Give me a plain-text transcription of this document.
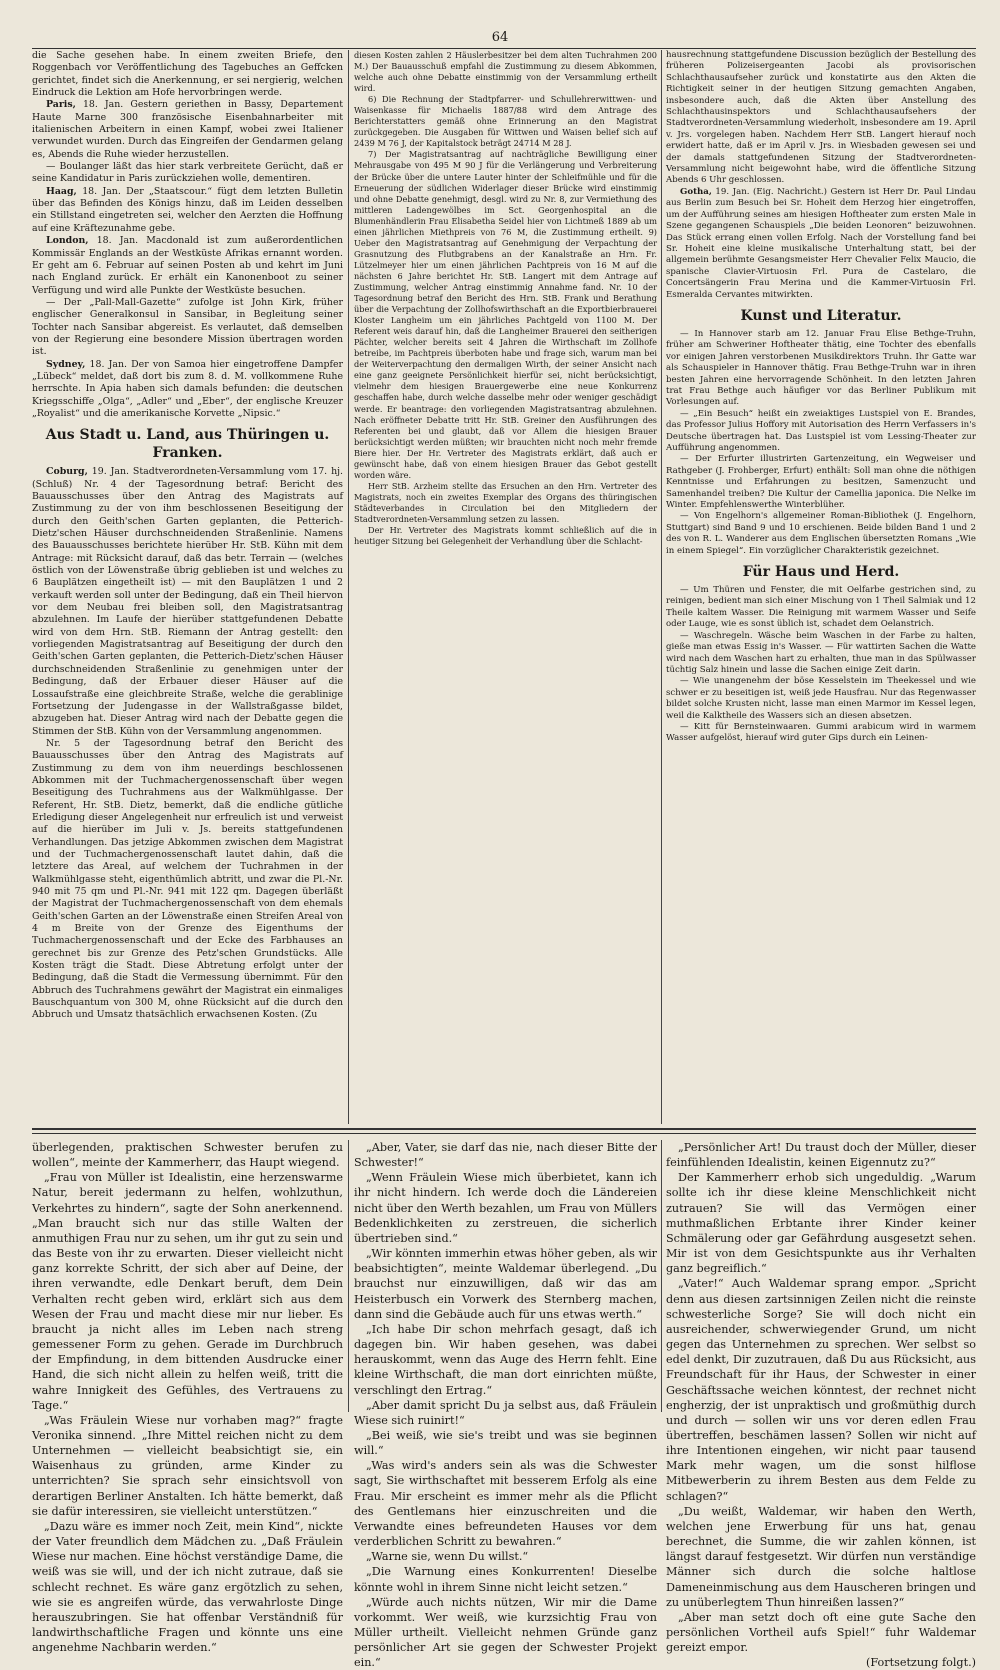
64

die Sache gesehen habe. In einem zweiten Briefe, den Roggenbach vor Veröffentlichung des Tagebuches an Geffcken gerichtet, findet sich die Anerkennung, er sei nergierig, welchen Eindruck die Lektion am Hofe hervorbringen werde.

Paris, 18. Jan. Gestern geriethen in Bassy, Departement Haute Marne 300 französische Eisenbahnarbeiter mit italienischen Arbeitern in einen Kampf, wobei zwei Italiener verwundet wurden. Durch das Eingreifen der Gendarmen gelang es, Abends die Ruhe wieder herzustellen.

— Boulanger läßt das hier stark verbreitete Gerücht, daß er seine Kandidatur in Paris zurückziehen wolle, dementiren.

Haag, 18. Jan. Der „Staatscour.“ fügt dem letzten Bulletin über das Befinden des Königs hinzu, daß im Leiden desselben ein Stillstand eingetreten sei, welcher den Aerzten die Hoffnung auf eine Kräftezunahme gebe.

London, 18. Jan. Macdonald ist zum außerordentlichen Kommissär Englands an der Westküste Afrikas ernannt worden. Er geht am 6. Februar auf seinen Posten ab und kehrt im Juni nach England zurück. Er erhält ein Kanonenboot zu seiner Verfügung und wird alle Punkte der Westküste besuchen.

— Der „Pall-Mall-Gazette“ zufolge ist John Kirk, früher englischer Generalkonsul in Sansibar, in Begleitung seiner Tochter nach Sansibar abgereist. Es verlautet, daß demselben von der Regierung eine besondere Mission übertragen worden ist.

Sydney, 18. Jan. Der von Samoa hier eingetroffene Dampfer „Lübeck“ meldet, daß dort bis zum 8. d. M. vollkommene Ruhe herrschte. In Apia haben sich damals befunden: die deutschen Kriegsschiffe „Olga“, „Adler“ und „Eber“, der englische Kreuzer „Royalist“ und die amerikanische Korvette „Nipsic.“

Aus Stadt u. Land, aus Thüringen u. Franken.

Coburg, 19. Jan. Stadtverordneten-Versammlung vom 17. hj. (Schluß) Nr. 4 der Tagesordnung betraf: Bericht des Bauausschusses über den Antrag des Magistrats auf Zustimmung zu der von ihm beschlossenen Beseitigung der durch den Geith'schen Garten geplanten, die Petterich-Dietz'schen Häuser durchschneidenden Straßenlinie. Namens des Bauausschusses berichtete hierüber Hr. StB. Kühn mit dem Antrage: mit Rücksicht darauf, daß das betr. Terrain — (welches östlich von der Löwenstraße übrig geblieben ist und welches zu 6 Bauplätzen eingetheilt ist) — mit den Bauplätzen 1 und 2 verkauft werden soll unter der Bedingung, daß ein Theil hiervon vor dem Neubau frei bleiben soll, den Magistratsantrag abzulehnen. Im Laufe der hierüber stattgefundenen Debatte wird von dem Hrn. StB. Riemann der Antrag gestellt: den vorliegenden Magistratsantrag auf Beseitigung der durch den Geith'schen Garten geplanten, die Petterich-Dietz'schen Häuser durchschneidenden Straßenlinie zu genehmigen unter der Bedingung, daß der Erbauer dieser Häuser auf die Lossaufstraße eine gleichbreite Straße, welche die gerablinige Fortsetzung der Judengasse in der Wallstraßgasse bildet, abzugeben hat. Dieser Antrag wird nach der Debatte gegen die Stimmen der StB. Kühn von der Versammlung angenommen.

Nr. 5 der Tagesordnung betraf den Bericht des Bauausschusses über den Antrag des Magistrats auf Zustimmung zu dem von ihm neuerdings beschlossenen Abkommen mit der Tuchmachergenossenschaft über wegen Beseitigung des Tuchrahmens aus der Walkmühlgasse. Der Referent, Hr. StB. Dietz, bemerkt, daß die endliche gütliche Erledigung dieser Angelegenheit nur erfreulich ist und verweist auf die hierüber im Juli v. Js. bereits stattgefundenen Verhandlungen. Das jetzige Abkommen zwischen dem Magistrat und der Tuchmachergenossenschaft lautet dahin, daß die letztere das Areal, auf welchem der Tuchrahmen in der Walkmühlgasse steht, eigenthümlich abtritt, und zwar die Pl.-Nr. 940 mit 75 qm und Pl.-Nr. 941 mit 122 qm. Dagegen überläßt der Magistrat der Tuchmachergenossenschaft von dem ehemals Geith'schen Garten an der Löwenstraße einen Streifen Areal von 4 m Breite von der Grenze des Eigenthums der Tuchmachergenossenschaft und der Ecke des Farbhauses an gerechnet bis zur Grenze des Petz'schen Grundstücks. Alle Kosten trägt die Stadt. Diese Abtretung erfolgt unter der Bedingung, daß die Stadt die Vermessung übernimmt. Für den Abbruch des Tuchrahmens gewährt der Magistrat ein einmaliges Bauschquantum von 300 M, ohne Rücksicht auf die durch den Abbruch und Umsatz thatsächlich erwachsenen Kosten. (Zu

diesen Kosten zahlen 2 Häuslerbesitzer bei dem alten Tuchrahmen 200 M.) Der Bauausschuß empfahl die Zustimmung zu diesem Abkommen, welche auch ohne Debatte einstimmig von der Versammlung ertheilt wird.

6) Die Rechnung der Stadtpfarrer- und Schullehrerwittwen- und Waisenkasse für Michaelis 1887/88 wird dem Antrage des Berichterstatters gemäß ohne Erinnerung an den Magistrat zurückgegeben. Die Ausgaben für Wittwen und Waisen belief sich auf 2439 M 76 J, der Kapitalstock beträgt 24714 M 28 J.

7) Der Magistratsantrag auf nachträgliche Bewilligung einer Mehrausgabe von 495 M 90 J für die Verlängerung und Verbreiterung der Brücke über die untere Lauter hinter der Schleifmühle und für die Erneuerung der südlichen Widerlager dieser Brücke wird einstimmig und ohne Debatte genehmigt, desgl. wird zu Nr. 8, zur Vermiethung des mittleren Ladengewölbes im Sct. Georgenhospital an die Blumenhändlerin Frau Elisabetha Seidel hier von Lichtmeß 1889 ab um einen jährlichen Miethpreis von 76 M, die Zustimmung ertheilt. 9) Ueber den Magistratsantrag auf Genehmigung der Verpachtung der Grasnutzung des Flutbgrabens an der Kanalstraße an Hrn. Fr. Lützelmeyer hier um einen jährlichen Pachtpreis von 16 M auf die nächsten 6 Jahre berichtet Hr. StB. Langert mit dem Antrage auf Zustimmung, welcher Antrag einstimmig Annahme fand. Nr. 10 der Tagesordnung betraf den Bericht des Hrn. StB. Frank und Berathung über die Verpachtung der Zollhofswirthschaft an die Exportbierbrauerei Kloster Langheim um ein jährliches Pachtgeld von 1100 M. Der Referent weis darauf hin, daß die Langheimer Brauerei den seitherigen Pächter, welcher bereits seit 4 Jahren die Wirthschaft im Zollhofe betreibe, im Pachtpreis überboten habe und frage sich, warum man bei der Weiterverpachtung den dermaligen Wirth, der seiner Ansicht nach eine ganz geeignete Persönlichkeit hierfür sei, nicht berücksichtigt, vielmehr dem hiesigen Brauergewerbe eine neue Konkurrenz geschaffen habe, durch welche dasselbe mehr oder weniger geschädigt werde. Er beantrage: den vorliegenden Magistratsantrag abzulehnen. Nach eröffneter Debatte tritt Hr. StB. Greiner den Ausführungen des Referenten bei und glaubt, daß vor Allem die hiesigen Brauer berücksichtigt werden müßten; wir brauchten nicht noch mehr fremde Biere hier. Der Hr. Vertreter des Magistrats erklärt, daß auch er gewünscht habe, daß von einem hiesigen Brauer das Gebot gestellt worden wäre.

Herr StB. Arzheim stellte das Ersuchen an den Hrn. Vertreter des Magistrats, noch ein zweites Exemplar des Organs des thüringischen Städteverbandes in Circulation bei den Mitgliedern der Stadtverordneten-Versammlung setzen zu lassen.

Der Hr. Vertreter des Magistrats kommt schließlich auf die in heutiger Sitzung bei Gelegenheit der Verhandlung über die Schlacht-

hausrechnung stattgefundene Discussion bezüglich der Bestellung des früheren Polizeisergeanten Jacobi als provisorischen Schlachthausaufseher zurück und konstatirte aus den Akten die Richtigkeit seiner in der heutigen Sitzung gemachten Angaben, insbesondere auch, daß die Akten über Anstellung des Schlachthausinspektors und Schlachthausaufsehers der Stadtverordneten-Versammlung wiederholt, insbesondere am 19. April v. Jrs. vorgelegen haben. Nachdem Herr StB. Langert hierauf noch erwidert hatte, daß er im April v. Jrs. in Wiesbaden gewesen sei und der damals stattgefundenen Sitzung der Stadtverordneten-Versammlung nicht beigewohnt habe, wird die öffentliche Sitzung Abends 6 Uhr geschlossen.

Gotha, 19. Jan. (Eig. Nachricht.) Gestern ist Herr Dr. Paul Lindau aus Berlin zum Besuch bei Sr. Hoheit dem Herzog hier eingetroffen, um der Aufführung seines am hiesigen Hoftheater zum ersten Male in Szene gegangenen Schauspiels „Die beiden Leonoren“ beizuwohnen. Das Stück errang einen vollen Erfolg. Nach der Vorstellung fand bei Sr. Hoheit eine kleine musikalische Unterhaltung statt, bei der allgemein berühmte Gesangsmeister Herr Chevalier Felix Maucio, die spanische Clavier-Virtuosin Frl. Pura de Castelaro, die Concertsängerin Frau Merina und die Kammer-Virtuosin Frl. Esmeralda Cervantes mitwirkten.

Kunst und Literatur.

— In Hannover starb am 12. Januar Frau Elise Bethge-Truhn, früher am Schweriner Hoftheater thätig, eine Tochter des ebenfalls vor einigen Jahren verstorbenen Musikdirektors Truhn. Ihr Gatte war als Schauspieler in Hannover thätig. Frau Bethge-Truhn war in ihren besten Jahren eine hervorragende Schönheit. In den letzten Jahren trat Frau Bethge auch häufiger vor das Berliner Publikum mit Vorlesungen auf.

— „Ein Besuch“ heißt ein zweiaktiges Lustspiel von E. Brandes, das Professor Julius Hoffory mit Autorisation des Herrn Verfassers in's Deutsche übertragen hat. Das Lustspiel ist vom Lessing-Theater zur Aufführung angenommen.

— Der Erfurter illustrirten Gartenzeitung, ein Wegweiser und Rathgeber (J. Frohberger, Erfurt) enthält: Soll man ohne die nöthigen Kenntnisse und Erfahrungen zu besitzen, Samenzucht und Samenhandel treiben? Die Kultur der Camellia japonica. Die Nelke im Winter. Empfehlenswerthe Winterblüher.

— Von Engelhorn's allgemeiner Roman-Bibliothek (J. Engelhorn, Stuttgart) sind Band 9 und 10 erschienen. Beide bilden Band 1 und 2 des von R. L. Wanderer aus dem Englischen übersetzten Romans „Wie in einem Spiegel“. Ein vorzüglicher Charakteristik gezeichnet.

Für Haus und Herd.

— Um Thüren und Fenster, die mit Oelfarbe gestrichen sind, zu reinigen, bedient man sich einer Mischung von 1 Theil Salmiak und 12 Theile kaltem Wasser. Die Reinigung mit warmem Wasser und Seife oder Lauge, wie es sonst üblich ist, schadet dem Oelanstrich.

— Waschregeln. Wäsche beim Waschen in der Farbe zu halten, gieße man etwas Essig in's Wasser. — Für wattirten Sachen die Watte wird nach dem Waschen hart zu erhalten, thue man in das Spülwasser tüchtig Salz hinein und lasse die Sachen einige Zeit darin.

— Wie unangenehm der böse Kesselstein im Theekessel und wie schwer er zu beseitigen ist, weiß jede Hausfrau. Nur das Regenwasser bildet solche Krusten nicht, lasse man einen Marmor im Kessel legen, weil die Kalktheile des Wassers sich an diesen absetzen.

— Kitt für Bernsteinwaaren. Gummi arabicum wird in warmem Wasser aufgelöst, hierauf wird guter Gips durch ein Leinen-

überlegenden, praktischen Schwester berufen zu wollen“, meinte der Kammerherr, das Haupt wiegend.

„Frau von Müller ist Idealistin, eine herzenswarme Natur, bereit jedermann zu helfen, wohlzuthun, Verkehrtes zu hindern“, sagte der Sohn anerkennend. „Man braucht sich nur das stille Walten der anmuthigen Frau nur zu sehen, um ihr gut zu sein und das Beste von ihr zu erwarten. Dieser vielleicht nicht ganz korrekte Schritt, der sich aber auf Deine, der ihren verwandte, edle Denkart beruft, dem Dein Verhalten recht geben wird, erklärt sich aus dem Wesen der Frau und macht diese mir nur lieber. Es braucht ja nicht alles im Leben nach streng gemessener Form zu gehen. Gerade im Durchbruch der Empfindung, in dem bittenden Ausdrucke einer Hand, die sich nicht allein zu helfen weiß, tritt die wahre Innigkeit des Gefühles, des Vertrauens zu Tage.“

„Was Fräulein Wiese nur vorhaben mag?“ fragte Veronika sinnend. „Ihre Mittel reichen nicht zu dem Unternehmen — vielleicht beabsichtigt sie, ein Waisenhaus zu gründen, arme Kinder zu unterrichten? Sie sprach sehr einsichtsvoll von derartigen Berliner Anstalten. Ich hätte bemerkt, daß sie dafür interessiren, sie vielleicht unterstützen.“

„Dazu wäre es immer noch Zeit, mein Kind“, nickte der Vater freundlich dem Mädchen zu. „Daß Fräulein Wiese nur machen. Eine höchst verständige Dame, die weiß was sie will, und der ich nicht zutraue, daß sie schlecht rechnet. Es wäre ganz ergötzlich zu sehen, wie sie es angreifen würde, das verwahrloste Dinge herauszubringen. Sie hat offenbar Verständniß für landwirthschaftliche Fragen und könnte uns eine angenehme Nachbarin werden.“

„Aber, Vater, sie darf das nie, nach dieser Bitte der Schwester!“

„Wenn Fräulein Wiese mich überbietet, kann ich ihr nicht hindern. Ich werde doch die Ländereien nicht über den Werth bezahlen, um Frau von Müllers Bedenklichkeiten zu zerstreuen, die sicherlich übertrieben sind.“

„Wir könnten immerhin etwas höher geben, als wir beabsichtigten“, meinte Waldemar überlegend. „Du brauchst nur einzuwilligen, daß wir das am Heisterbusch ein Vorwerk des Sternberg machen, dann sind die Gebäude auch für uns etwas werth.“

„Ich habe Dir schon mehrfach gesagt, daß ich dagegen bin. Wir haben gesehen, was dabei herauskommt, wenn das Auge des Herrn fehlt. Eine kleine Wirthschaft, die man dort einrichten müßte, verschlingt den Ertrag.“

„Aber damit spricht Du ja selbst aus, daß Fräulein Wiese sich ruinirt!“

„Bei weiß, wie sie's treibt und was sie beginnen will.“

„Was wird's anders sein als was die Schwester sagt, Sie wirthschaftet mit besserem Erfolg als eine Frau. Mir erscheint es immer mehr als die Pflicht des Gentlemans hier einzuschreiten und die Verwandte eines befreundeten Hauses vor dem verderblichen Schritt zu bewahren.“

„Warne sie, wenn Du willst.“

„Die Warnung eines Konkurrenten! Dieselbe könnte wohl in ihrem Sinne nicht leicht setzen.“

„Würde auch nichts nützen, Wir mir die Dame vorkommt. Wer weiß, wie kurzsichtig Frau von Müller urtheilt. Vielleicht nehmen Gründe ganz persönlicher Art sie gegen der Schwester Projekt ein.“

„Persönlicher Art! Du traust doch der Müller, dieser feinfühlenden Idealistin, keinen Eigennutz zu?“

Der Kammerherr erhob sich ungeduldig. „Warum sollte ich ihr diese kleine Menschlichkeit nicht zutrauen? Sie will das Vermögen einer muthmaßlichen Erbtante ihrer Kinder keiner Schmälerung oder gar Gefährdung ausgesetzt sehen. Mir ist von dem Gesichtspunkte aus ihr Verhalten ganz begreiflich.“

„Vater!“ Auch Waldemar sprang empor. „Spricht denn aus diesen zartsinnigen Zeilen nicht die reinste schwesterliche Sorge? Sie will doch nicht ein ausreichender, schwerwiegender Grund, um nicht gegen das Unternehmen zu sprechen. Wer selbst so edel denkt, Dir zuzutrauen, daß Du aus Rücksicht, aus Freundschaft für ihr Haus, der Schwester in einer Geschäftssache weichen könntest, der rechnet nicht engherzig, der ist unpraktisch und großmüthig durch und durch — sollen wir uns vor deren edlen Frau übertreffen, beschämen lassen? Sollen wir nicht auf ihre Intentionen eingehen, wir nicht paar tausend Mark mehr wagen, um die sonst hilflose Mitbewerberin zu ihrem Besten aus dem Felde zu schlagen?“

„Du weißt, Waldemar, wir haben den Werth, welchen jene Erwerbung für uns hat, genau berechnet, die Summe, die wir zahlen können, ist längst darauf festgesetzt. Wir dürfen nun verständige Männer sich durch die solche haltlose Dameneinmischung aus dem Hauscheren bringen und zu unüberlegtem Thun hinreißen lassen?“

„Aber man setzt doch oft eine gute Sache den persönlichen Vortheil aufs Spiel!“ fuhr Waldemar gereizt empor.

(Fortsetzung folgt.)
